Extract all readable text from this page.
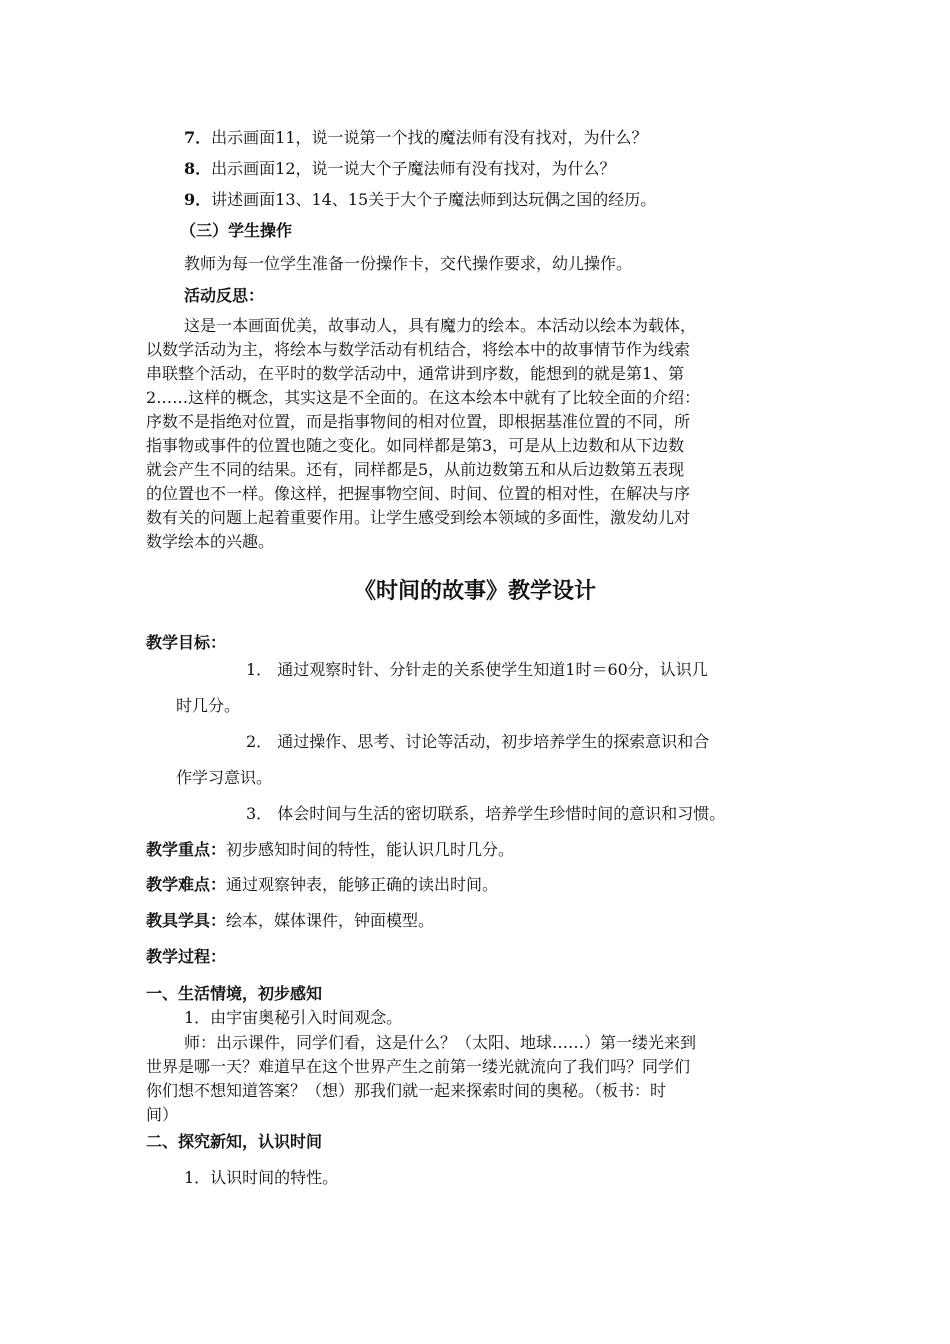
7．出示画面11，说一说第一个找的魔法师有没有找对，为什么？
8．出示画面12，说一说大个子魔法师有没有找对，为什么？
9．讲述画面13、14、15关于大个子魔法师到达玩偶之国的经历。
（三）学生操作
教师为每一位学生准备一份操作卡，交代操作要求，幼儿操作。
活动反思：
这是一本画面优美，故事动人，具有魔力的绘本。本活动以绘本为载体，
以数学活动为主，将绘本与数学活动有机结合，将绘本中的故事情节作为线索
串联整个活动，在平时的数学活动中，通常讲到序数，能想到的就是第1、第
2……这样的概念，其实这是不全面的。在这本绘本中就有了比较全面的介绍：
序数不是指绝对位置，而是指事物间的相对位置，即根据基准位置的不同，所
指事物或事件的位置也随之变化。如同样都是第3，可是从上边数和从下边数
就会产生不同的结果。还有，同样都是5，从前边数第五和从后边数第五表现
的位置也不一样。像这样，把握事物空间、时间、位置的相对性，在解决与序
数有关的问题上起着重要作用。让学生感受到绘本领域的多面性，激发幼儿对
数学绘本的兴趣。
《时间的故事》教学设计
教学目标：
1． 通过观察时针、分针走的关系使学生知道1时＝60分，认识几
时几分。
2． 通过操作、思考、讨论等活动，初步培养学生的探索意识和合
作学习意识。
3． 体会时间与生活的密切联系，培养学生珍惜时间的意识和习惯。
教学重点：初步感知时间的特性，能认识几时几分。
教学难点：通过观察钟表，能够正确的读出时间。
教具学具：绘本，媒体课件，钟面模型。
教学过程：
一、生活情境，初步感知
1．由宇宙奥秘引入时间观念。
师：出示课件，同学们看，这是什么？（太阳、地球……）第一缕光来到
世界是哪一天？难道早在这个世界产生之前第一缕光就流向了我们吗？同学们
你们想不想知道答案？（想）那我们就一起来探索时间的奥秘。（板书：时
间）
二、探究新知，认识时间
1．认识时间的特性。
